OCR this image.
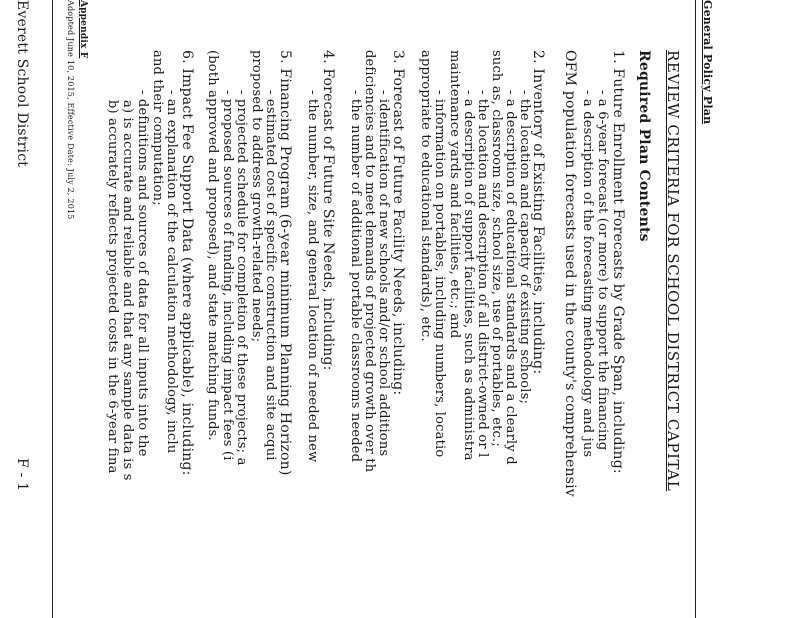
General Policy Plan
REVIEW CRITERIA FOR SCHOOL DISTRICT CAPITAL
Required Plan Contents
1. Future Enrollment Forecasts by Grade Span, including:
- a 6-year forecast (or more) to support the financing
- a description of the forecasting methodology and jus
OFM population forecasts used in the county's comprehensiv
2. Inventory of Existing Facilities, including:
- the location and capacity of existing schools;
- a description of educational standards and a clearly d
such as, classroom size, school size, use of portables, etc.;
- the location and description of all district-owned or l
- a description of support facilities, such as administra
maintenance yards and facilities, etc.; and
- information on portables, including numbers, locatio
appropriate to educational standards), etc.
3. Forecast of Future Facility Needs, including:
- identification of new schools and/or school additions
deficiencies and to meet demands of projected growth over th
- the number of additional portable classrooms needed
4. Forecast of Future Site Needs, including:
- the number, size, and general location of needed new
5. Financing Program (6-year minimum Planning Horizon)
- estimated cost of specific construction and site acqui
proposed to address growth-related needs;
- projected schedule for completion of these projects; a
- proposed sources of funding, including impact fees (i
(both approved and proposed), and state matching funds.
6. Impact Fee Support Data (where applicable), including:
- an explanation of the calculation methodology, inclu
and their computation;
- definitions and sources of data for all inputs into the
a) is accurate and reliable and that any sample data is s
b) accurately reflects projected costs in the 6-year fina
Appendix F
Adopted June 10, 2015, Effective Date: July 2, 2015
Everett School District
F - 1
